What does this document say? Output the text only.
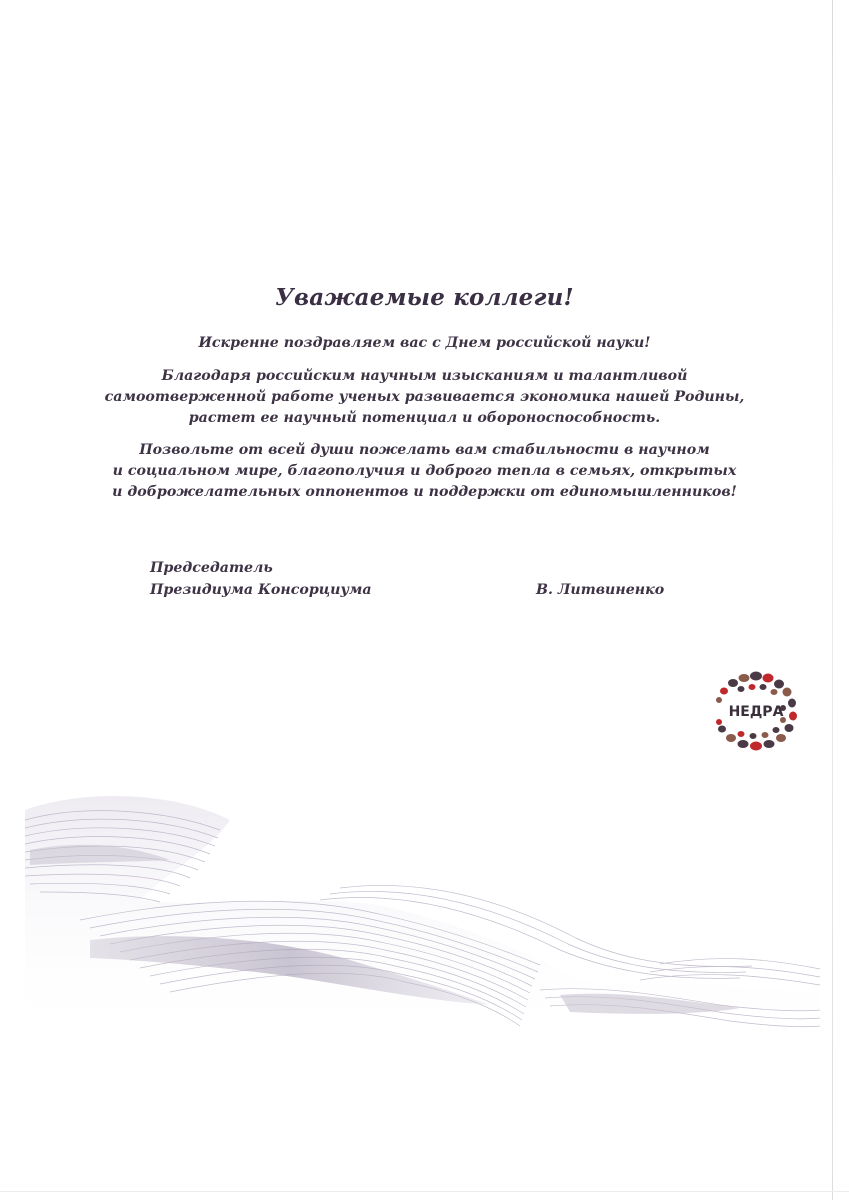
Уважаемые коллеги!
Искренне поздравляем вас с Днем российской науки!
Благодаря российским научным изысканиям и талантливой
самоотверженной работе ученых развивается экономика нашей Родины,
растет ее научный потенциал и обороноспособность.
Позвольте от всей души пожелать вам стабильности в научном
и социальном мире, благополучия и доброго тепла в семьях, открытых
и доброжелательных оппонентов и поддержки от единомышленников!
Председатель
Президиума Консорциума	В. Литвиненко
НЕДРА
